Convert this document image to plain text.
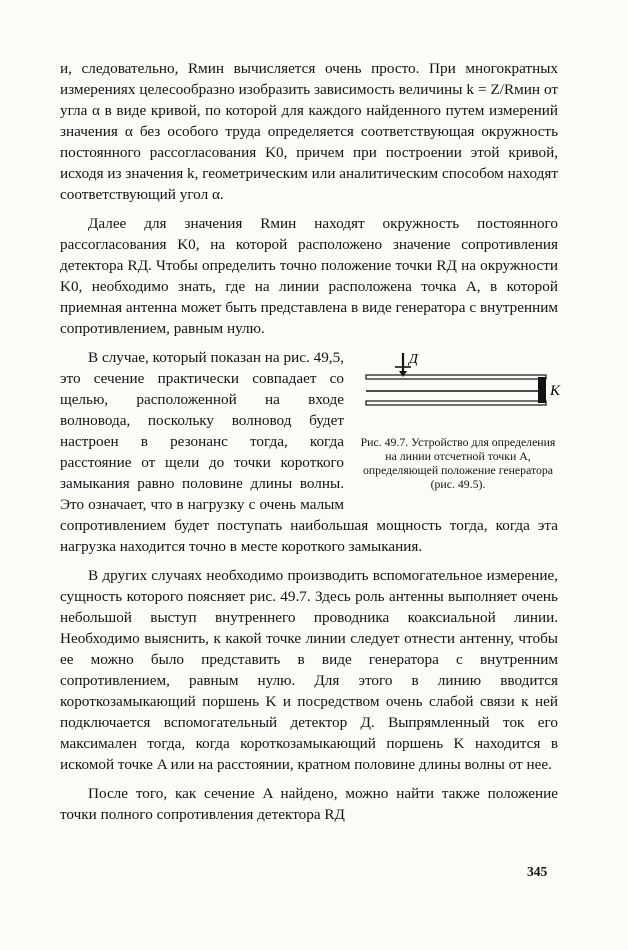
и, следовательно, Rмин вычисляется очень просто. При многократных измерениях целесообразно изобразить зависимость величины k = Z/Rмин от угла α в виде кривой, по которой для каждого найденного путем измерений значения α без особого труда определяется соответствующая окружность постоянного рассогласования K0, причем при построении этой кривой, исходя из значения k, геометрическим или аналитическим способом находят соответствующий угол α.

Далее для значения Rмин находят окружность постоянного рассогласования K0, на которой расположено значение сопротивления детектора RД. Чтобы определить точно положение точки RД на окружности K0, необходимо знать, где на линии расположена точка A, в которой приемная антенна может быть представлена в виде генератора с внутренним сопротивлением, равным нулю.

Д
K
Рис. 49.7. Устройство для определения на линии отсчетной точки A, определяющей положение генератора (рис. 49.5).

В случае, который показан на рис. 49,5, это сечение практически совпадает со щелью, расположенной на входе волновода, поскольку волновод будет настроен в резонанс тогда, когда расстояние от щели до точки короткого замыкания равно половине длины волны. Это означает, что в нагрузку с очень малым сопротивлением будет поступать наибольшая мощность тогда, когда эта нагрузка находится точно в месте короткого замыкания.

В других случаях необходимо производить вспомогательное измерение, сущность которого поясняет рис. 49.7. Здесь роль антенны выполняет очень небольшой выступ внутреннего проводника коаксиальной линии. Необходимо выяснить, к какой точке линии следует отнести антенну, чтобы ее можно было представить в виде генератора с внутренним сопротивлением, равным нулю. Для этого в линию вводится короткозамыкающий поршень K и посредством очень слабой связи к ней подключается вспомогательный детектор Д. Выпрямленный ток его максимален тогда, когда короткозамыкающий поршень K находится в искомой точке A или на расстоянии, кратном половине длины волны от нее.

После того, как сечение A найдено, можно найти также положение точки полного сопротивления детектора RД

345
